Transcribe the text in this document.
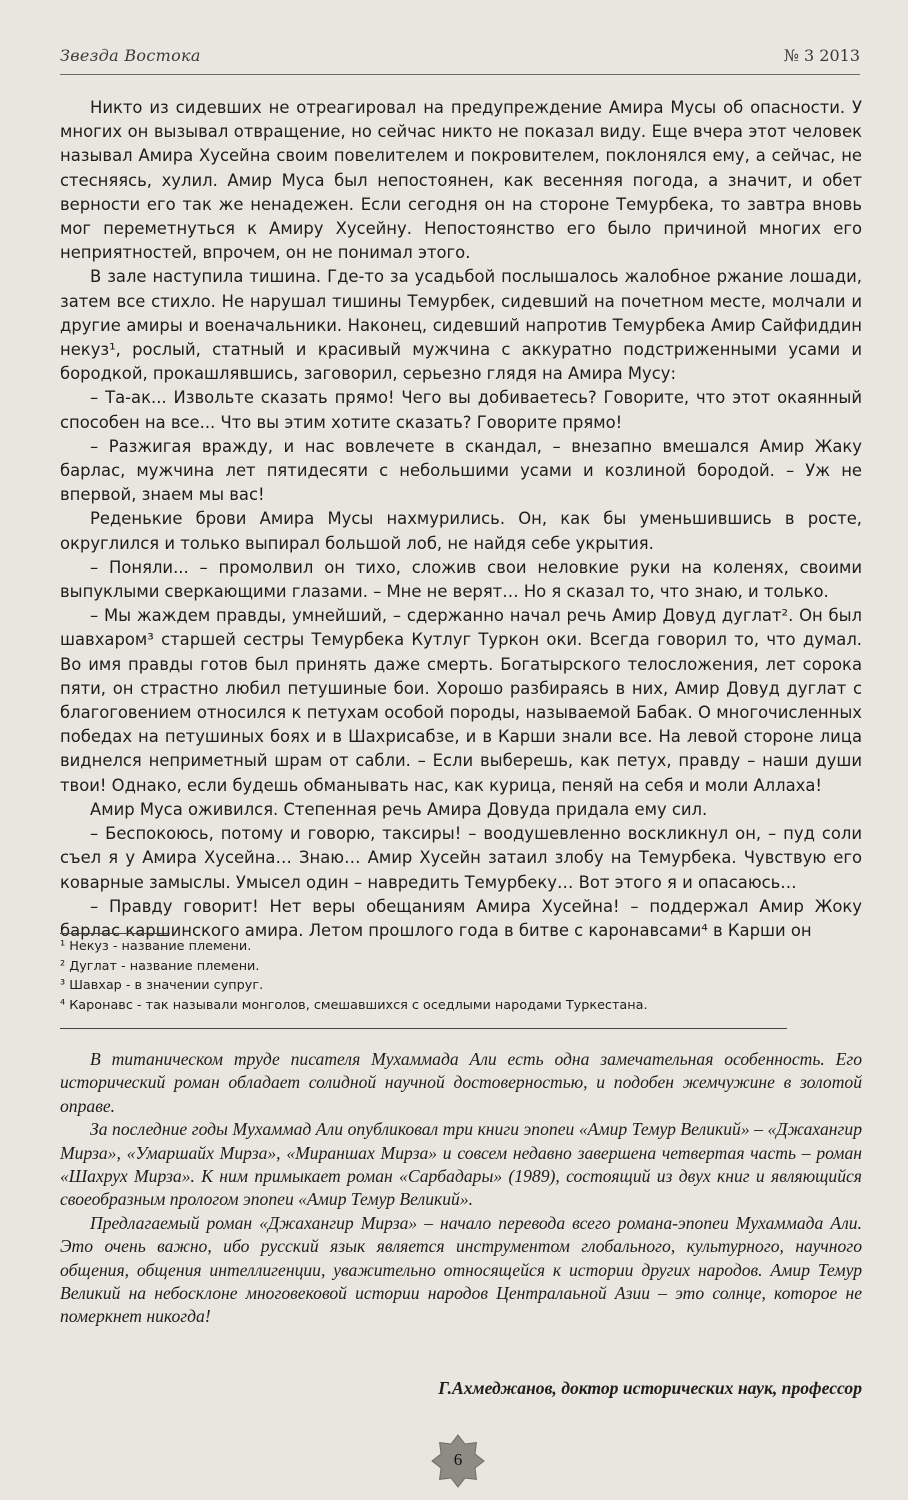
Звезда Востока	№ 3 2013

Никто из сидевших не отреагировал на предупреждение Амира Мусы об опасности. У многих он вызывал отвращение, но сейчас никто не показал виду. Еще вчера этот человек называл Амира Хусейна своим повелителем и покровителем, поклонялся ему, а сейчас, не стесняясь, хулил. Амир Муса был непостоянен, как весенняя погода, а значит, и обет верности его так же ненадежен. Если сегодня он на стороне Темурбека, то завтра вновь мог переметнуться к Амиру Хусейну. Непостоянство его было причиной многих его неприятностей, впрочем, он не понимал этого.

В зале наступила тишина. Где-то за усадьбой послышалось жалобное ржание лошади, затем все стихло. Не нарушал тишины Темурбек, сидевший на почетном месте, молчали и другие амиры и военачальники. Наконец, сидевший напротив Темурбека Амир Сайфиддин некуз¹, рослый, статный и красивый мужчина с аккуратно подстриженными усами и бородкой, прокашлявшись, заговорил, серьезно глядя на Амира Мусу:

– Та-ак... Извольте сказать прямо! Чего вы добиваетесь? Говорите, что этот окаянный способен на все... Что вы этим хотите сказать? Говорите прямо!

– Разжигая вражду, и нас вовлечете в скандал, – внезапно вмешался Амир Жаку барлас, мужчина лет пятидесяти с небольшими усами и козлиной бородой. – Уж не впервой, знаем мы вас!

Реденькие брови Амира Мусы нахмурились. Он, как бы уменьшившись в росте, округлился и только выпирал большой лоб, не найдя себе укрытия.

– Поняли... – промолвил он тихо, сложив свои неловкие руки на коленях, своими выпуклыми сверкающими глазами. – Мне не верят… Но я сказал то, что знаю, и только.

– Мы жаждем правды, умнейший, – сдержанно начал речь Амир Довуд дуглат². Он был шавхаром³ старшей сестры Темурбека Кутлуг Туркон оки. Всегда говорил то, что думал. Во имя правды готов был принять даже смерть. Богатырского телосложения, лет сорока пяти, он страстно любил петушиные бои. Хорошо разбираясь в них, Амир Довуд дуглат с благоговением относился к петухам особой породы, называемой Бабак. О многочисленных победах на петушиных боях и в Шахрисабзе, и в Карши знали все. На левой стороне лица виднелся неприметный шрам от сабли. – Если выберешь, как петух, правду – наши души твои! Однако, если будешь обманывать нас, как курица, пеняй на себя и моли Аллаха!

Амир Муса оживился. Степенная речь Амира Довуда придала ему сил.

– Беспокоюсь, потому и говорю, таксиры! – воодушевленно воскликнул он, – пуд соли съел я у Амира Хусейна… Знаю… Амир Хусейн затаил злобу на Темурбека. Чувствую его коварные замыслы. Умысел один – навредить Темурбеку… Вот этого я и опасаюсь…

– Правду говорит! Нет веры обещаниям Амира Хусейна! – поддержал Амир Жоку барлас каршинского амира. Летом прошлого года в битве с каронавсами⁴ в Карши он

¹ Некуз - название племени.
² Дуглат - название племени.
³ Шавхар - в значении супруг.
⁴ Каронавс - так называли монголов, смешавшихся с оседлыми народами Туркестана.

В титаническом труде писателя Мухаммада Али есть одна замечательная особенность. Его исторический роман обладает солидной научной достоверностью, и подобен жемчужине в золотой оправе.

За последние годы Мухаммад Али опубликовал три книги эпопеи «Амир Темур Великий» – «Джахангир Мирза», «Умаршайх Мирза», «Мираншах Мирза» и совсем недавно завершена четвертая часть – роман «Шахрух Мирза». К ним примыкает роман «Сарбадары» (1989), состоящий из двух книг и являющийся своеобразным прологом эпопеи «Амир Темур Великий».

Предлагаемый роман «Джахангир Мирза» – начало перевода всего романа-эпопеи Мухаммада Али. Это очень важно, ибо русский язык является инструментом глобального, культурного, научного общения, общения интеллигенции, уважительно относящейся к истории других народов. Амир Темур Великий на небосклоне многовековой истории народов Централаьной Азии – это солнце, которое не померкнет никогда!

Г.Ахмеджанов, доктор исторических наук, профессор
6
